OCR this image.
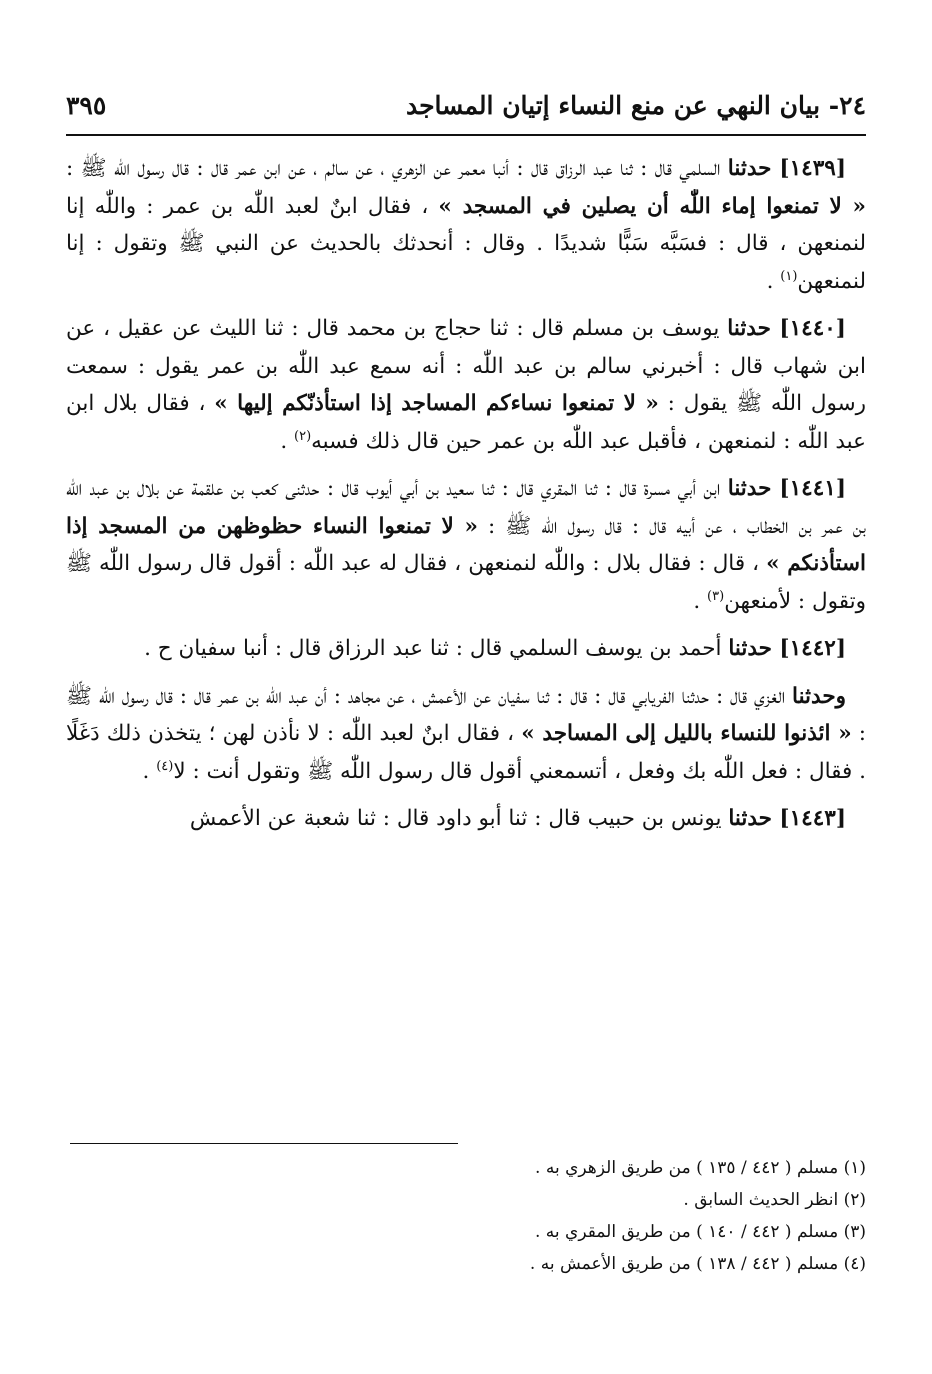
٢٤- بيان النهي عن منع النساء إتيان المساجد
٣٩٥

[١٤٣٩] حدثنا السلمي قال : ثنا عبد الرزاق قال : أنبا معمر عن الزهري ، عن سالم ، عن ابن عمر قال : قال رسول اللّٰه ﷺ : « لا تمنعوا إماء اللّٰه أن يصلين في المسجد » ، فقال ابنٌ لعبد اللّٰه بن عمر : واللّٰه إنا لنمنعهن ، قال : فسَبَّه سَبًّا شديدًا . وقال : أنحدثك بالحديث عن النبي ﷺ وتقول : إنا لنمنعهن$^{(١)}$ .

[١٤٤٠] حدثنا يوسف بن مسلم قال : ثنا حجاج بن محمد قال : ثنا الليث عن عقيل ، عن ابن شهاب قال : أخبرني سالم بن عبد اللّٰه : أنه سمع عبد اللّٰه بن عمر يقول : سمعت رسول اللّٰه ﷺ يقول : « لا تمنعوا نساءكم المساجد إذا استأذنّكم إليها » ، فقال بلال ابن عبد اللّٰه : لنمنعهن ، فأقبل عبد اللّٰه بن عمر حين قال ذلك فسبه$^{(٢)}$ .

[١٤٤١] حدثنا ابن أبي مسرة قال : ثنا المقري قال : ثنا سعيد بن أبي أيوب قال : حدثنى كعب بن علقمة عن بلال بن عبد اللّٰه بن عمر بن الخطاب ، عن أبيه قال : قال رسول اللّٰه ﷺ : « لا تمنعوا النساء حظوظهن من المسجد إذا استأذنكم » ، قال : فقال بلال : واللّٰه لنمنعهن ، فقال له عبد اللّٰه : أقول قال رسول اللّٰه ﷺ وتقول : لأمنعهن$^{(٣)}$ .

[١٤٤٢] حدثنا أحمد بن يوسف السلمي قال : ثنا عبد الرزاق قال : أنبا سفيان ح .

وحدثنا الغزي قال : حدثنا الفريابي قال : قال : ثنا سفيان عن الأعمش ، عن مجاهد : أن عبد اللّٰه بن عمر قال : قال رسول اللّٰه ﷺ : « ائذنوا للنساء بالليل إلى المساجد » ، فقال ابنٌ لعبد اللّٰه : لا نأذن لهن ؛ يتخذن ذلك دَغَلًا . فقال : فعل اللّٰه بك وفعل ، أتسمعني أقول قال رسول اللّٰه ﷺ وتقول أنت : لا$^{(٤)}$ .

[١٤٤٣] حدثنا يونس بن حبيب قال : ثنا أبو داود قال : ثنا شعبة عن الأعمش

(١) مسلم ( ٤٤٢ / ١٣٥ ) من طريق الزهري به .
(٢) انظر الحديث السابق .
(٣) مسلم ( ٤٤٢ / ١٤٠ ) من طريق المقري به .
(٤) مسلم ( ٤٤٢ / ١٣٨ ) من طريق الأعمش به .
